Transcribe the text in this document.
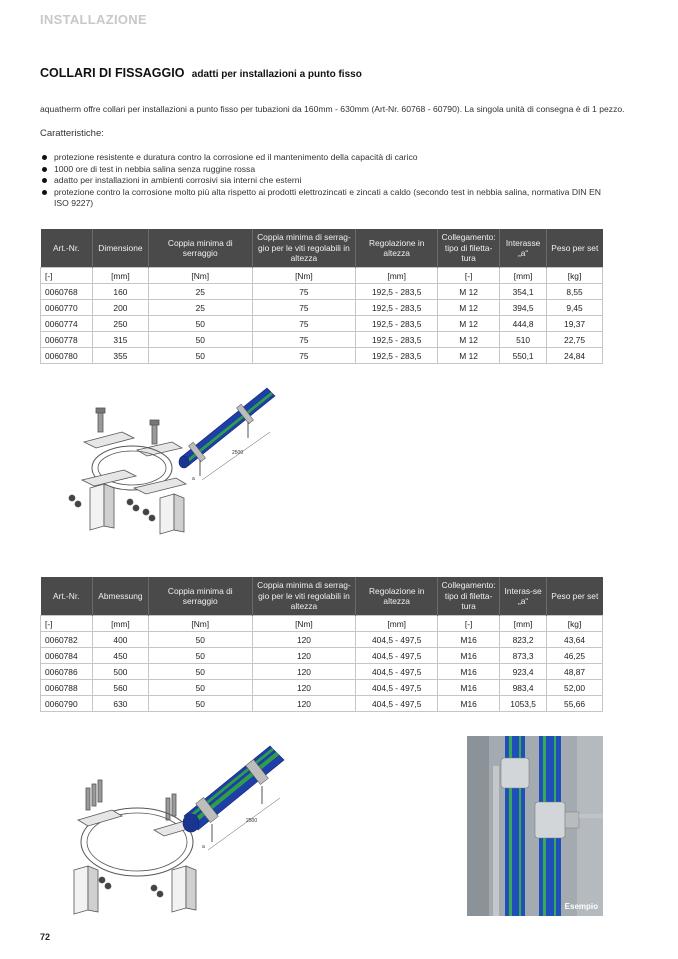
INSTALLAZIONE
COLLARI DI FISSAGGIO adatti per installazioni a punto fisso
aquatherm offre collari per installazioni a punto fisso per tubazioni da 160mm - 630mm (Art-Nr. 60768 - 60790). La singola unità di consegna è di 1 pezzo.
Caratteristiche:
protezione resistente e duratura contro la corrosione ed il mantenimento della capacità di carico
1000 ore di test in nebbia salina senza ruggine rossa
adatto per installazioni in ambienti corrosivi sia interni che esterni
protezione contro la corrosione molto più alta rispetto ai prodotti elettrozincati e zincati a caldo (secondo test in nebbia salina, normativa DIN EN ISO 9227)
Art.-Nr.	Dimensione	Coppia minima di serraggio	Coppia minima di serrag-gio per le viti regolabili in altezza	Regolazione in altezza	Collegamento: tipo di filetta-tura	Interasse „a“	Peso per set
[-]	[mm]	[Nm]	[Nm]	[mm]	[-]	[mm]	[kg]
0060768	160	25	75	192,5 - 283,5	M 12	354,1	8,55
0060770	200	25	75	192,5 - 283,5	M 12	394,5	9,45
0060774	250	50	75	192,5 - 283,5	M 12	444,8	19,37
0060778	315	50	75	192,5 - 283,5	M 12	510	22,75
0060780	355	50	75	192,5 - 283,5	M 12	550,1	24,84
2500
a
Art.-Nr.	Abmessung	Coppia minima di serraggio	Coppia minima di serrag-gio per le viti regolabili in altezza	Regolazione in altezza	Collegamento: tipo di filetta-tura	Interas-se „a“	Peso per set
[-]	[mm]	[Nm]	[Nm]	[mm]	[-]	[mm]	[kg]
0060782	400	50	120	404,5 - 497,5	M16	823,2	43,64
0060784	450	50	120	404,5 - 497,5	M16	873,3	46,25
0060786	500	50	120	404,5 - 497,5	M16	923,4	48,87
0060788	560	50	120	404,5 - 497,5	M16	983,4	52,00
0060790	630	50	120	404,5 - 497,5	M16	1053,5	55,66
2500
a
Esempio
72
